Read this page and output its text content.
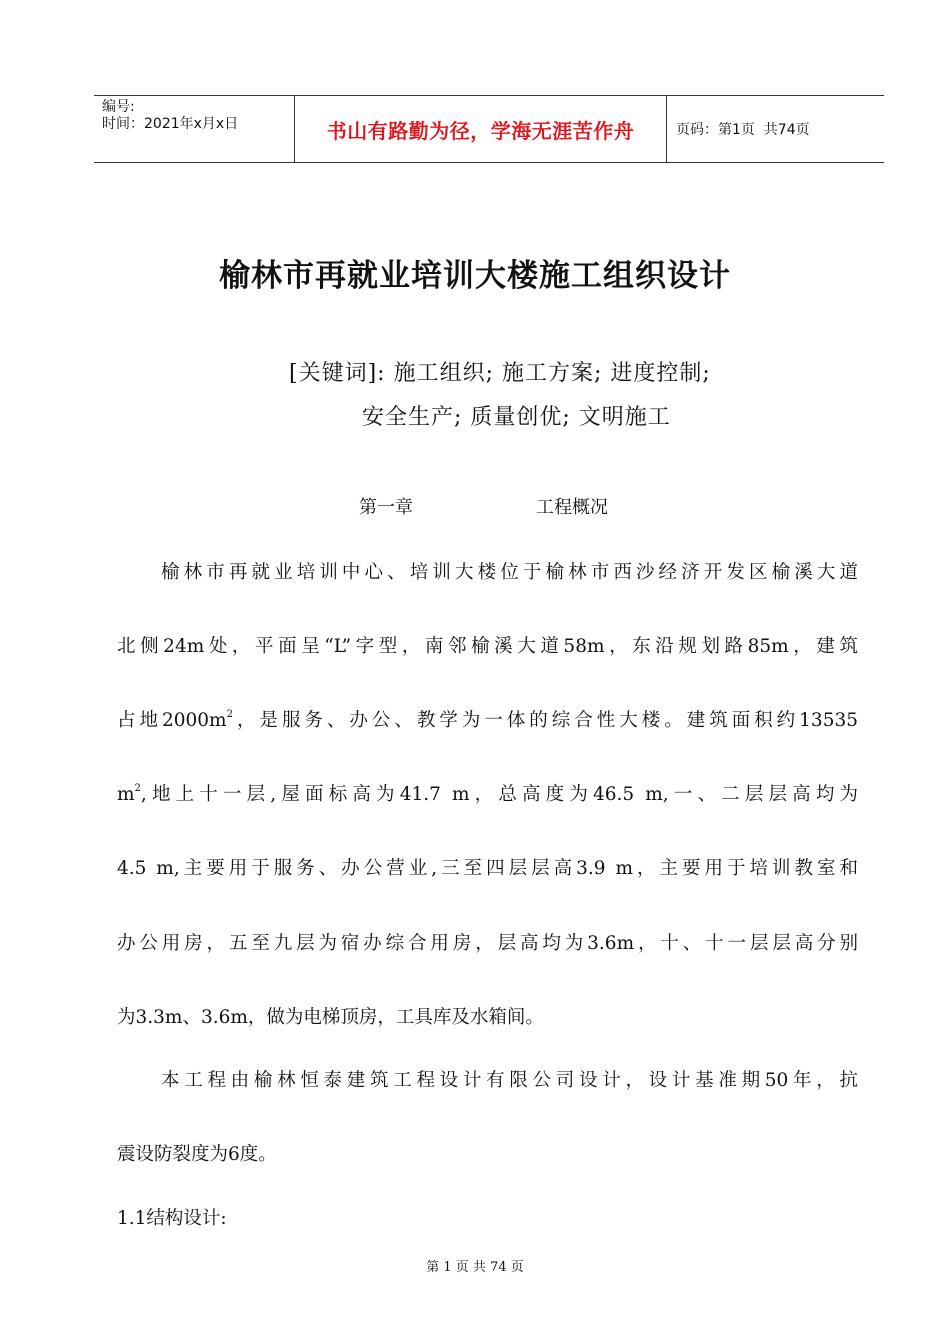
编号:
时间：2021年x月x日	书山有路勤为径，学海无涯苦作舟	页码：第1页  共74页
榆林市再就业培训大楼施工组织设计
[关键词]: 施工组织; 施工方案; 进度控制;
安全生产; 质量创优; 文明施工
第一章	工程概况
榆林市再就业培训中心、培训大楼位于榆林市西沙经济开发区榆溪大道
北侧24m处，平面呈“L”字型，南邻榆溪大道58m，东沿规划路85m，建筑
占地$2000m^2$，是服务、办公、教学为一体的综合性大楼。建筑面积约13535
$m^2$,地上十一层,屋面标高为41.7 m，总高度为46.5 m,一、二层层高均为
4.5 m,主要用于服务、办公营业,三至四层层高3.9 m，主要用于培训教室和
办公用房，五至九层为宿办综合用房，层高均为3.6m，十、十一层层高分别
为3.3m、3.6m，做为电梯顶房，工具库及水箱间。
本工程由榆林恒泰建筑工程设计有限公司设计，设计基准期50年，抗
震设防裂度为6度。
1.1结构设计:
第 1 页 共 74 页
